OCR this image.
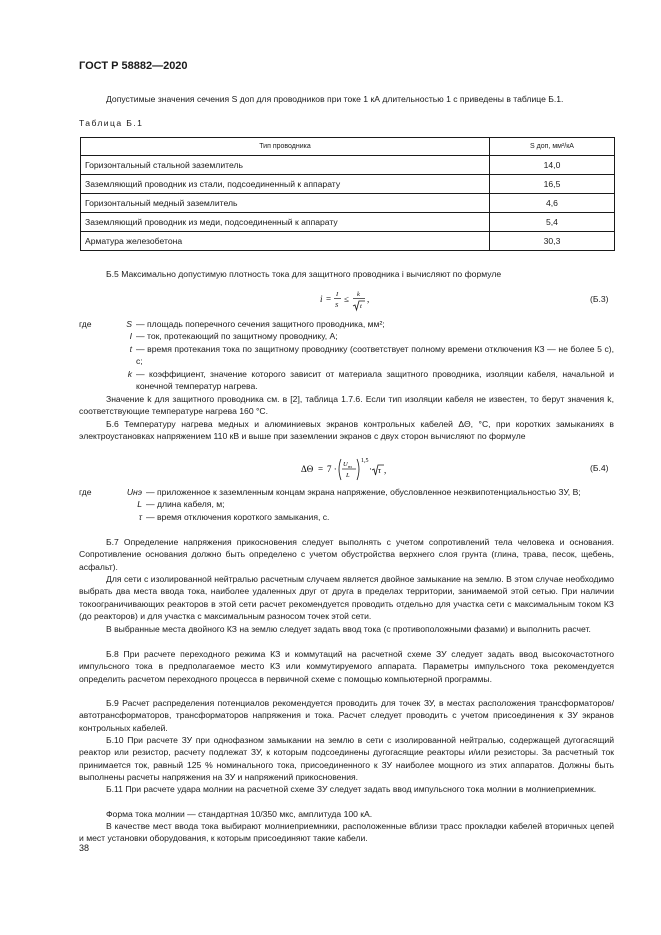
ГОСТ Р 58882—2020
Допустимые значения сечения S доп для проводников при токе 1 кА длительностью 1 с приведены в таблице Б.1.
Таблица Б.1
Тип проводника	S доп, мм²/кА
Горизонтальный стальной заземлитель	14,0
Заземляющий проводник из стали, подсоединенный к аппарату	16,5
Горизонтальный медный заземлитель	4,6
Заземляющий проводник из меди, подсоединенный к аппарату	5,4
Арматура железобетона	30,3
Б.5 Максимально допустимую плотность тока для защитного проводника i вычисляют по формуле
i = I
S
≤ k
t
,	(Б.3)
где	S — площадь поперечного сечения защитного проводника, мм²;
I — ток, протекающий по защитному проводнику, А;
t — время протекания тока по защитному проводнику (соответствует полному времени отключения КЗ — не более 5 с), с;
k — коэффициент, значение которого зависит от материала защитного проводника, изоляции кабеля, начальной и конечной температур нагрева.
Значение k для защитного проводника см. в [2], таблица 1.7.6. Если тип изоляции кабеля не известен, то берут значения k, соответствующие температуре нагрева 160 °С.
Б.6 Температуру нагрева медных и алюминиевых экранов контрольных кабелей ΔΘ, °С, при коротких замыканиях в электроустановках напряжением 110 кВ и выше при заземлении экранов с двух сторон вычисляют по формуле
ΔΘ = 7 · U нэ
L
1,5
· τ ,	(Б.4)
где	Uнэ — приложенное к заземленным концам экрана напряжение, обусловленное неэквипотенциальностью ЗУ, В;
L — длина кабеля, м;
τ — время отключения короткого замыкания, с.
Б.7 Определение напряжения прикосновения следует выполнять с учетом сопротивлений тела человека и основания. Сопротивление основания должно быть определено с учетом обустройства верхнего слоя грунта (глина, трава, песок, щебень, асфальт).
Для сети с изолированной нейтралью расчетным случаем является двойное замыкание на землю. В этом случае необходимо выбрать два места ввода тока, наиболее удаленных друг от друга в пределах территории, занимаемой этой сетью. При наличии токоограничивающих реакторов в этой сети расчет рекомендуется проводить отдельно для участка сети с максимальным током КЗ (до реакторов) и для участка с максимальным разносом точек этой сети.
В выбранные места двойного КЗ на землю следует задать ввод тока (с противоположными фазами) и выполнить расчет.
Б.8 При расчете переходного режима КЗ и коммутаций на расчетной схеме ЗУ следует задать ввод высокочастотного импульсного тока в предполагаемое место КЗ или коммутируемого аппарата. Параметры импульсного тока рекомендуется определить расчетом переходного процесса в первичной схеме с помощью компьютерной программы.
Б.9 Расчет распределения потенциалов рекомендуется проводить для точек ЗУ, в местах расположения трансформаторов/автотрансформаторов, трансформаторов напряжения и тока. Расчет следует проводить с учетом присоединения к ЗУ экранов контрольных кабелей.
Б.10 При расчете ЗУ при однофазном замыкании на землю в сети с изолированной нейтралью, содержащей дугогасящий реактор или резистор, расчету подлежат ЗУ, к которым подсоединены дугогасящие реакторы и/или резисторы. За расчетный ток принимается ток, равный 125 % номинального тока, присоединенного к ЗУ наиболее мощного из этих аппаратов. Должны быть выполнены расчеты напряжения на ЗУ и напряжений прикосновения.
Б.11 При расчете удара молнии на расчетной схеме ЗУ следует задать ввод импульсного тока молнии в молниеприемник.
Форма тока молнии — стандартная 10/350 мкс, амплитуда 100 кА.
В качестве мест ввода тока выбирают молниеприемники, расположенные вблизи трасс прокладки кабелей вторичных цепей и мест установки оборудования, к которым присоединяют такие кабели.
38
